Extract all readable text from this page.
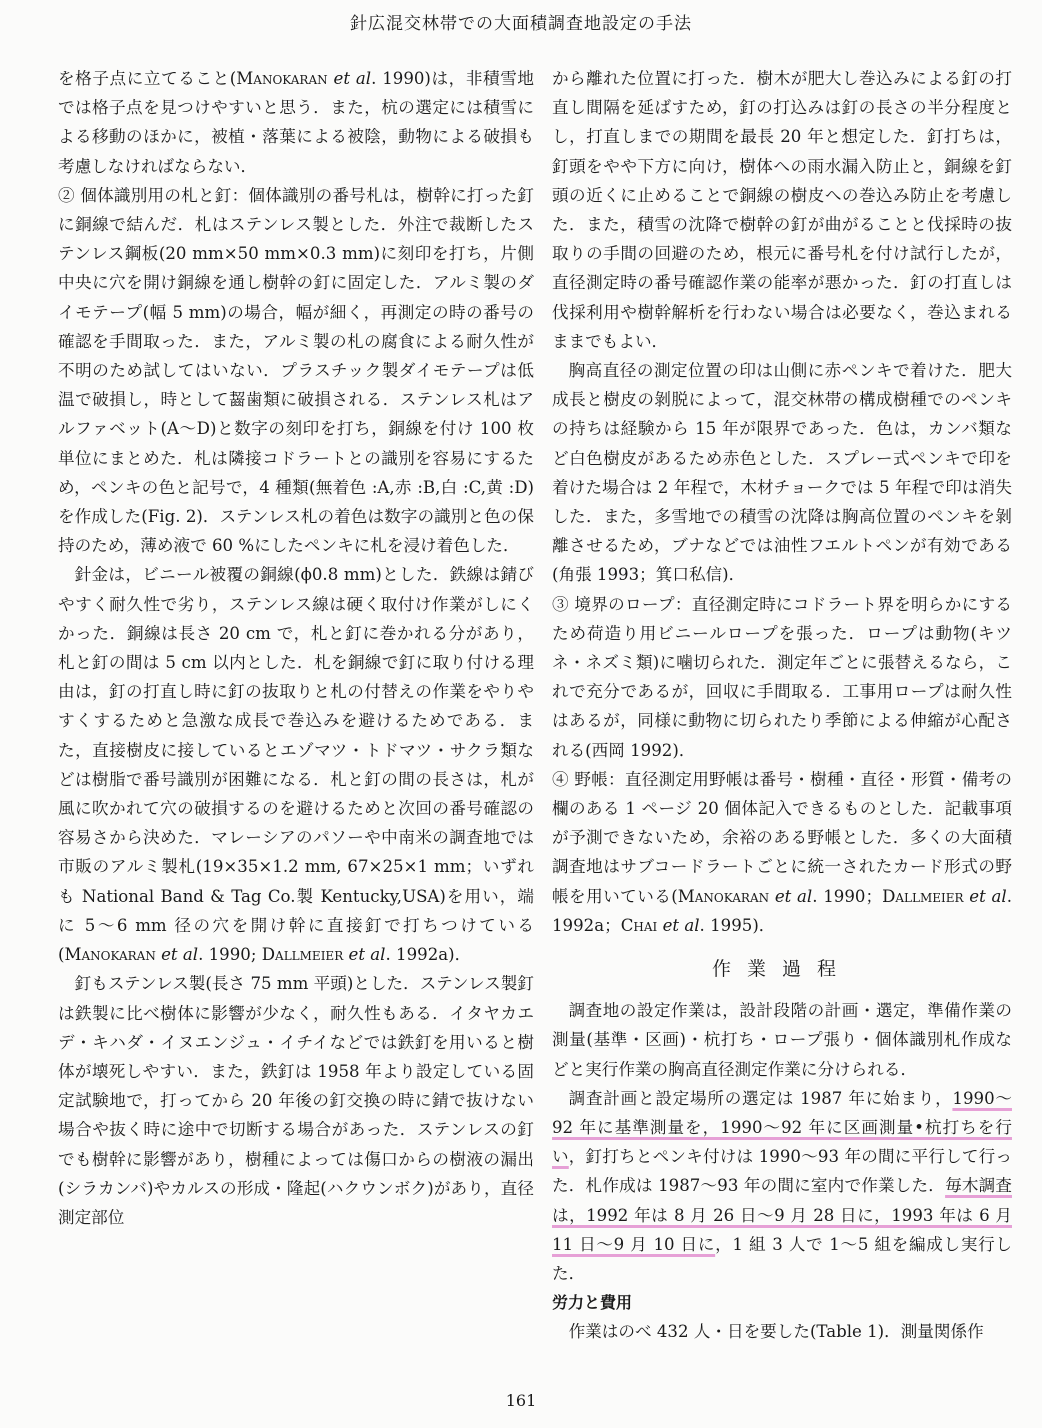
針広混交林帯での大面積調査地設定の手法

を格子点に立てること(Manokaran et al. 1990)は，非積雪地では格子点を見つけやすいと思う．また，杭の選定には積雪による移動のほかに，被植・落葉による被陰，動物による破損も考慮しなければならない．

② 個体識別用の札と釘：個体識別の番号札は，樹幹に打った釘に銅線で結んだ．札はステンレス製とした．外注で裁断したステンレス鋼板(20 mm×50 mm×0.3 mm)に刻印を打ち，片側中央に穴を開け銅線を通し樹幹の釘に固定した．アルミ製のダイモテープ(幅 5 mm)の場合，幅が細く，再測定の時の番号の確認を手間取った．また，アルミ製の札の腐食による耐久性が不明のため試してはいない．プラスチック製ダイモテープは低温で破損し，時として齧歯類に破損される．ステンレス札はアルファベット(A～D)と数字の刻印を打ち，銅線を付け 100 枚単位にまとめた．札は隣接コドラートとの識別を容易にするため，ペンキの色と記号で，4 種類(無着色 :A,赤 :B,白 :C,黄 :D)を作成した(Fig. 2)．ステンレス札の着色は数字の識別と色の保持のため，薄め液で 60 %にしたペンキに札を浸け着色した．

針金は，ビニール被覆の銅線(ϕ0.8 mm)とした．鉄線は錆びやすく耐久性で劣り，ステンレス線は硬く取付け作業がしにくかった．銅線は長さ 20 cm で，札と釘に巻かれる分があり，札と釘の間は 5 cm 以内とした．札を銅線で釘に取り付ける理由は，釘の打直し時に釘の抜取りと札の付替えの作業をやりやすくするためと急激な成長で巻込みを避けるためである．また，直接樹皮に接しているとエゾマツ・トドマツ・サクラ類などは樹脂で番号識別が困難になる．札と釘の間の長さは，札が風に吹かれて穴の破損するのを避けるためと次回の番号確認の容易さから決めた．マレーシアのパソーや中南米の調査地では市販のアルミ製札(19×35×1.2 mm, 67×25×1 mm；いずれも National Band & Tag Co.製 Kentucky,USA)を用い，端に 5～6 mm 径の穴を開け幹に直接釘で打ちつけている(Manokaran et al. 1990; Dallmeier et al. 1992a)．

釘もステンレス製(長さ 75 mm 平頭)とした．ステンレス製釘は鉄製に比べ樹体に影響が少なく，耐久性もある．イタヤカエデ・キハダ・イヌエンジュ・イチイなどでは鉄釘を用いると樹体が壊死しやすい．また，鉄釘は 1958 年より設定している固定試験地で，打ってから 20 年後の釘交換の時に錆で抜けない場合や抜く時に途中で切断する場合があった．ステンレスの釘でも樹幹に影響があり，樹種によっては傷口からの樹液の漏出(シラカンバ)やカルスの形成・隆起(ハクウンボク)があり，直径測定部位

から離れた位置に打った．樹木が肥大し巻込みによる釘の打直し間隔を延ばすため，釘の打込みは釘の長さの半分程度とし，打直しまでの期間を最長 20 年と想定した．釘打ちは，釘頭をやや下方に向け，樹体への雨水漏入防止と，銅線を釘頭の近くに止めることで銅線の樹皮への巻込み防止を考慮した．また，積雪の沈降で樹幹の釘が曲がることと伐採時の抜取りの手間の回避のため，根元に番号札を付け試行したが，直径測定時の番号確認作業の能率が悪かった．釘の打直しは伐採利用や樹幹解析を行わない場合は必要なく，巻込まれるままでもよい．

胸高直径の測定位置の印は山側に赤ペンキで着けた．肥大成長と樹皮の剝脱によって，混交林帯の構成樹種でのペンキの持ちは経験から 15 年が限界であった．色は，カンバ類など白色樹皮があるため赤色とした．スプレー式ペンキで印を着けた場合は 2 年程で，木材チョークでは 5 年程で印は消失した．また，多雪地での積雪の沈降は胸高位置のペンキを剝離させるため，ブナなどでは油性フエルトペンが有効である(角張 1993；箕口私信)．

③ 境界のロープ：直径測定時にコドラート界を明らかにするため荷造り用ビニールロープを張った．ロープは動物(キツネ・ネズミ類)に噛切られた．測定年ごとに張替えるなら，これで充分であるが，回収に手間取る．工事用ロープは耐久性はあるが，同様に動物に切られたり季節による伸縮が心配される(西岡 1992)．

④ 野帳：直径測定用野帳は番号・樹種・直径・形質・備考の欄のある 1 ページ 20 個体記入できるものとした．記載事項が予測できないため，余裕のある野帳とした．多くの大面積調査地はサブコードラートごとに統一されたカード形式の野帳を用いている(Manokaran et al. 1990；Dallmeier et al. 1992a；Chai et al. 1995)．

作業過程

調査地の設定作業は，設計段階の計画・選定，準備作業の測量(基準・区画)・杭打ち・ロープ張り・個体識別札作成などと実行作業の胸高直径測定作業に分けられる．

調査計画と設定場所の選定は 1987 年に始まり，1990～92 年に基準測量を，1990～92 年に区画測量•杭打ちを行い，釘打ちとペンキ付けは 1990～93 年の間に平行して行った．札作成は 1987～93 年の間に室内で作業した．毎木調査は，1992 年は 8 月 26 日～9 月 28 日に，1993 年は 6 月 11 日～9 月 10 日に，1 組 3 人で 1～5 組を編成し実行した．

労力と費用

作業はのべ 432 人・日を要した(Table 1)．測量関係作

161
